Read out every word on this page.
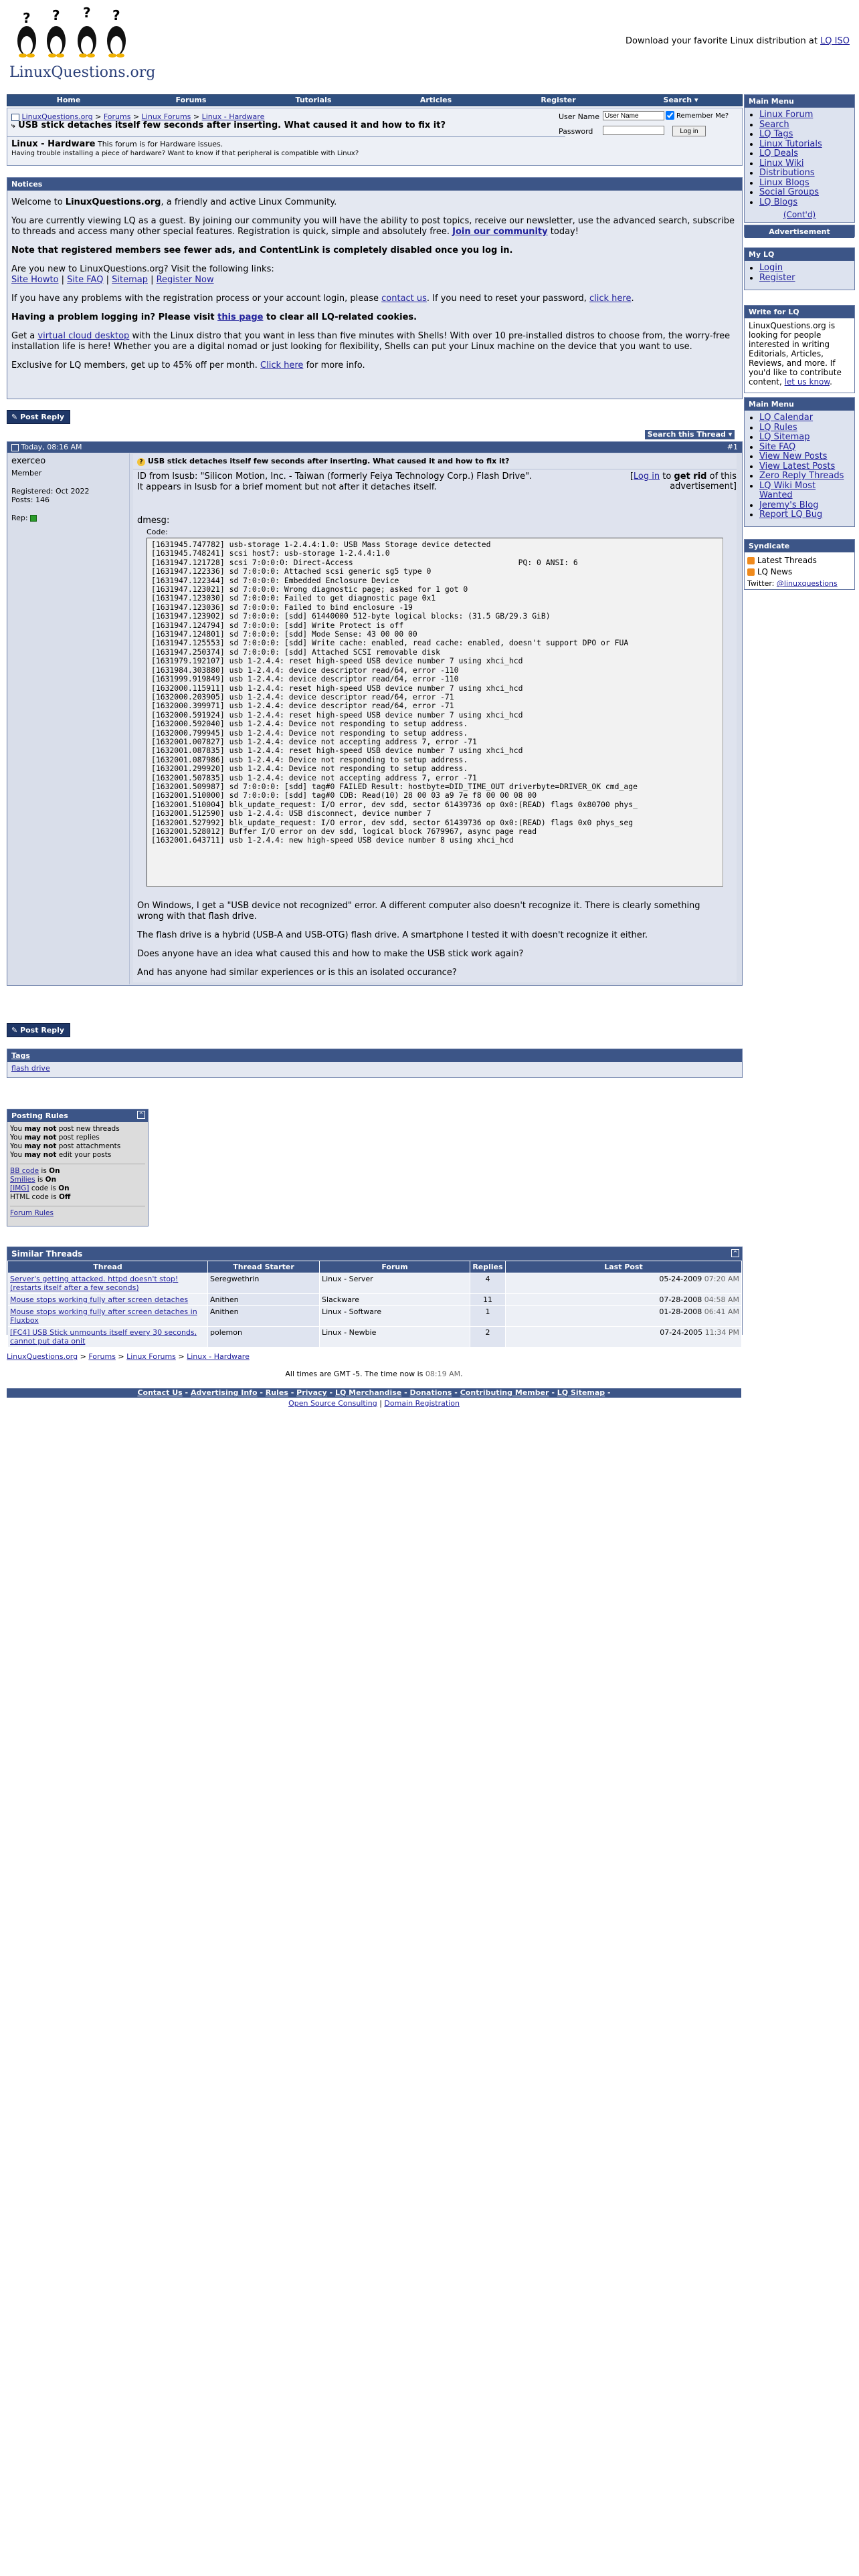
? ? ? ?
LinuxQuestions.org
Download your favorite Linux distribution at LQ ISO
Home	Forums	Tutorials	Articles	Register	Search ▾
LinuxQuestions.org > Forums > Linux Forums > Linux - Hardware
⤷ USB stick detaches itself few seconds after inserting. What caused it and how to fix it?
Linux - Hardware This forum is for Hardware issues.
Having trouble installing a piece of hardware? Want to know if that peripheral is compatible with Linux?
User Name
User Name	Remember Me?
Password	Log in
Notices

Welcome to LinuxQuestions.org, a friendly and active Linux Community.

You are currently viewing LQ as a guest. By joining our community you will have the ability to post topics, receive our newsletter, use the advanced search, subscribe to threads and access many other special features. Registration is quick, simple and absolutely free. Join our community today!

Note that registered members see fewer ads, and ContentLink is completely disabled once you log in.

Are you new to LinuxQuestions.org? Visit the following links:

Site Howto | Site FAQ | Sitemap | Register Now

If you have any problems with the registration process or your account login, please contact us. If you need to reset your password, click here.

Having a problem logging in? Please visit this page to clear all LQ-related cookies.

Get a virtual cloud desktop with the Linux distro that you want in less than five minutes with Shells! With over 10 pre-installed distros to choose from, the worry-free installation life is here! Whether you are a digital nomad or just looking for flexibility, Shells can put your Linux machine on the device that you want to use.

Exclusive for LQ members, get up to 45% off per month. Click here for more info.

✎ Post Reply
Search this Thread ▾
Today, 08:16 AM	#1
exerceo
Member
Registered: Oct 2022
Posts: 146
Rep:
? USB stick detaches itself few seconds after inserting. What caused it and how to fix it?
ID from lsusb: "Silicon Motion, Inc. - Taiwan (formerly Feiya Technology Corp.) Flash Drive". It appears in lsusb for a brief moment but not after it detaches itself.
[Log in to get rid of this advertisement]
dmesg:
Code:
[1631945.747782] usb-storage 1-2.4.4:1.0: USB Mass Storage device detected
[1631945.748241] scsi host7: usb-storage 1-2.4.4:1.0
[1631947.121728] scsi 7:0:0:0: Direct-Access                                    PQ: 0 ANSI: 6
[1631947.122336] sd 7:0:0:0: Attached scsi generic sg5 type 0
[1631947.122344] sd 7:0:0:0: Embedded Enclosure Device
[1631947.123021] sd 7:0:0:0: Wrong diagnostic page; asked for 1 got 0
[1631947.123030] sd 7:0:0:0: Failed to get diagnostic page 0x1
[1631947.123036] sd 7:0:0:0: Failed to bind enclosure -19
[1631947.123902] sd 7:0:0:0: [sdd] 61440000 512-byte logical blocks: (31.5 GB/29.3 GiB)
[1631947.124794] sd 7:0:0:0: [sdd] Write Protect is off
[1631947.124801] sd 7:0:0:0: [sdd] Mode Sense: 43 00 00 00
[1631947.125553] sd 7:0:0:0: [sdd] Write cache: enabled, read cache: enabled, doesn't support DPO or FUA
[1631947.250374] sd 7:0:0:0: [sdd] Attached SCSI removable disk
[1631979.192107] usb 1-2.4.4: reset high-speed USB device number 7 using xhci_hcd
[1631984.303880] usb 1-2.4.4: device descriptor read/64, error -110
[1631999.919849] usb 1-2.4.4: device descriptor read/64, error -110
[1632000.115911] usb 1-2.4.4: reset high-speed USB device number 7 using xhci_hcd
[1632000.203905] usb 1-2.4.4: device descriptor read/64, error -71
[1632000.399971] usb 1-2.4.4: device descriptor read/64, error -71
[1632000.591924] usb 1-2.4.4: reset high-speed USB device number 7 using xhci_hcd
[1632000.592040] usb 1-2.4.4: Device not responding to setup address.
[1632000.799945] usb 1-2.4.4: Device not responding to setup address.
[1632001.007827] usb 1-2.4.4: device not accepting address 7, error -71
[1632001.087835] usb 1-2.4.4: reset high-speed USB device number 7 using xhci_hcd
[1632001.087986] usb 1-2.4.4: Device not responding to setup address.
[1632001.299920] usb 1-2.4.4: Device not responding to setup address.
[1632001.507835] usb 1-2.4.4: device not accepting address 7, error -71
[1632001.509987] sd 7:0:0:0: [sdd] tag#0 FAILED Result: hostbyte=DID_TIME_OUT driverbyte=DRIVER_OK cmd_age
[1632001.510000] sd 7:0:0:0: [sdd] tag#0 CDB: Read(10) 28 00 03 a9 7e f8 00 00 08 00
[1632001.510004] blk_update_request: I/O error, dev sdd, sector 61439736 op 0x0:(READ) flags 0x80700 phys_
[1632001.512590] usb 1-2.4.4: USB disconnect, device number 7
[1632001.527992] blk_update_request: I/O error, dev sdd, sector 61439736 op 0x0:(READ) flags 0x0 phys_seg
[1632001.528012] Buffer I/O error on dev sdd, logical block 7679967, async page read
[1632001.643711] usb 1-2.4.4: new high-speed USB device number 8 using xhci_hcd

On Windows, I get a "USB device not recognized" error. A different computer also doesn't recognize it. There is clearly something wrong with that flash drive.

The flash drive is a hybrid (USB-A and USB-OTG) flash drive. A smartphone I tested it with doesn't recognize it either.

Does anyone have an idea what caused this and how to make the USB stick work again?

And has anyone had similar experiences or is this an isolated occurance?

✎ Post Reply
Tags
flash drive
Posting Rules	^
You may not post new threads
You may not post replies
You may not post attachments
You may not edit your posts
BB code is On
Smilies is On
[IMG] code is On
HTML code is Off
Forum Rules
Similar Threads	^
Thread	Thread Starter	Forum	Replies	Last Post
Server's getting attacked. httpd doesn't stop! (restarts itself after a few seconds)	Seregwethrin	Linux - Server	4	05-24-2009 07:20 AM
Mouse stops working fully after screen detaches	Anithen	Slackware	11	07-28-2008 04:58 AM
Mouse stops working fully after screen detaches in Fluxbox	Anithen	Linux - Software	1	01-28-2008 06:41 AM
[FC4] USB Stick unmounts itself every 30 seconds, cannot put data onit	polemon	Linux - Newbie	2	07-24-2005 11:34 PM
LinuxQuestions.org > Forums > Linux Forums > Linux - Hardware
All times are GMT -5. The time now is 08:19 AM.
Contact Us - Advertising Info - Rules - Privacy - LQ Merchandise - Donations - Contributing Member - LQ Sitemap -
Open Source Consulting | Domain Registration
Main Menu
• Linux Forum
• Search
• LQ Tags
• Linux Tutorials
• LQ Deals
• Linux Wiki
• Distributions
• Linux Blogs
• Social Groups
• LQ Blogs
(Cont'd)
Advertisement
My LQ
• Login
• Register
Write for LQ
LinuxQuestions.org is looking for people interested in writing Editorials, Articles, Reviews, and more. If you'd like to contribute content, let us know.
Main Menu
• LQ Calendar
• LQ Rules
• LQ Sitemap
• Site FAQ
• View New Posts
• View Latest Posts
• Zero Reply Threads
• LQ Wiki Most Wanted
• Jeremy's Blog
• Report LQ Bug
Syndicate
Latest Threads
LQ News
Twitter: @linuxquestions
